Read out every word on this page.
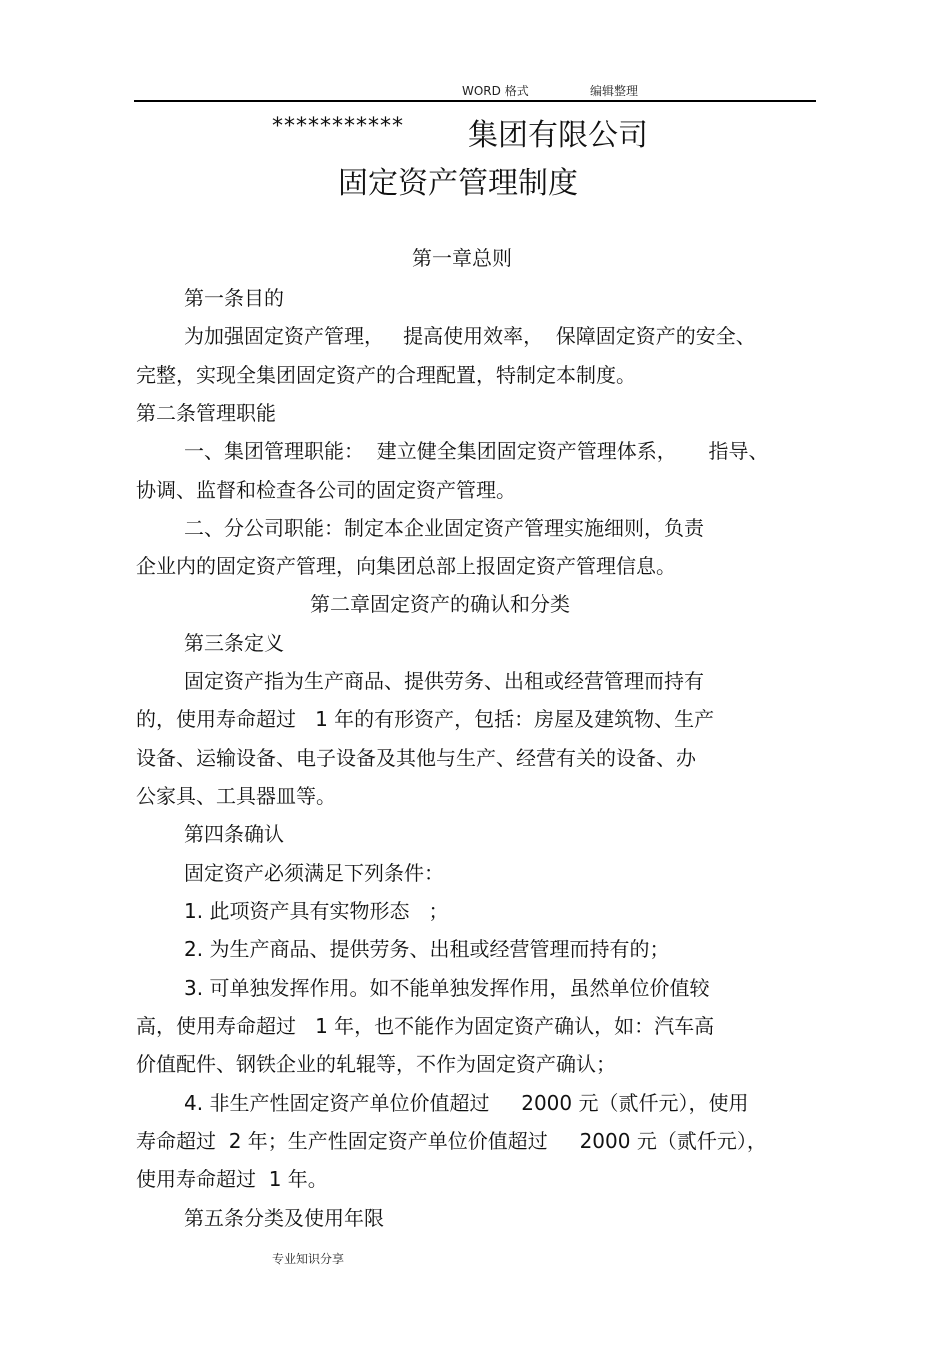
WORD 格式	编辑整理
*********** 集团有限公司
固定资产管理制度
第一章总则
第一条目的
为加强固定资产管理，   提高使用效率，  保障固定资产的安全、
完整，实现全集团固定资产的合理配置，特制定本制度。
第二条管理职能
一、集团管理职能：  建立健全集团固定资产管理体系，     指导、
协调、监督和检查各公司的固定资产管理。
二、分公司职能：制定本企业固定资产管理实施细则，负责
企业内的固定资产管理，向集团总部上报固定资产管理信息。
第二章固定资产的确认和分类
第三条定义
固定资产指为生产商品、提供劳务、出租或经营管理而持有
的，使用寿命超过   1 年的有形资产，包括：房屋及建筑物、生产
设备、运输设备、电子设备及其他与生产、经营有关的设备、办
公家具、工具器皿等。
第四条确认
固定资产必须满足下列条件：
1. 此项资产具有实物形态   ；
2. 为生产商品、提供劳务、出租或经营管理而持有的；
3. 可单独发挥作用。如不能单独发挥作用，虽然单位价值较
高，使用寿命超过   1 年，也不能作为固定资产确认，如：汽车高
价值配件、钢铁企业的轧辊等，不作为固定资产确认；
4. 非生产性固定资产单位价值超过     2000 元（贰仟元），使用
寿命超过  2 年；生产性固定资产单位价值超过     2000 元（贰仟元），
使用寿命超过  1 年。
第五条分类及使用年限
专业知识分享
